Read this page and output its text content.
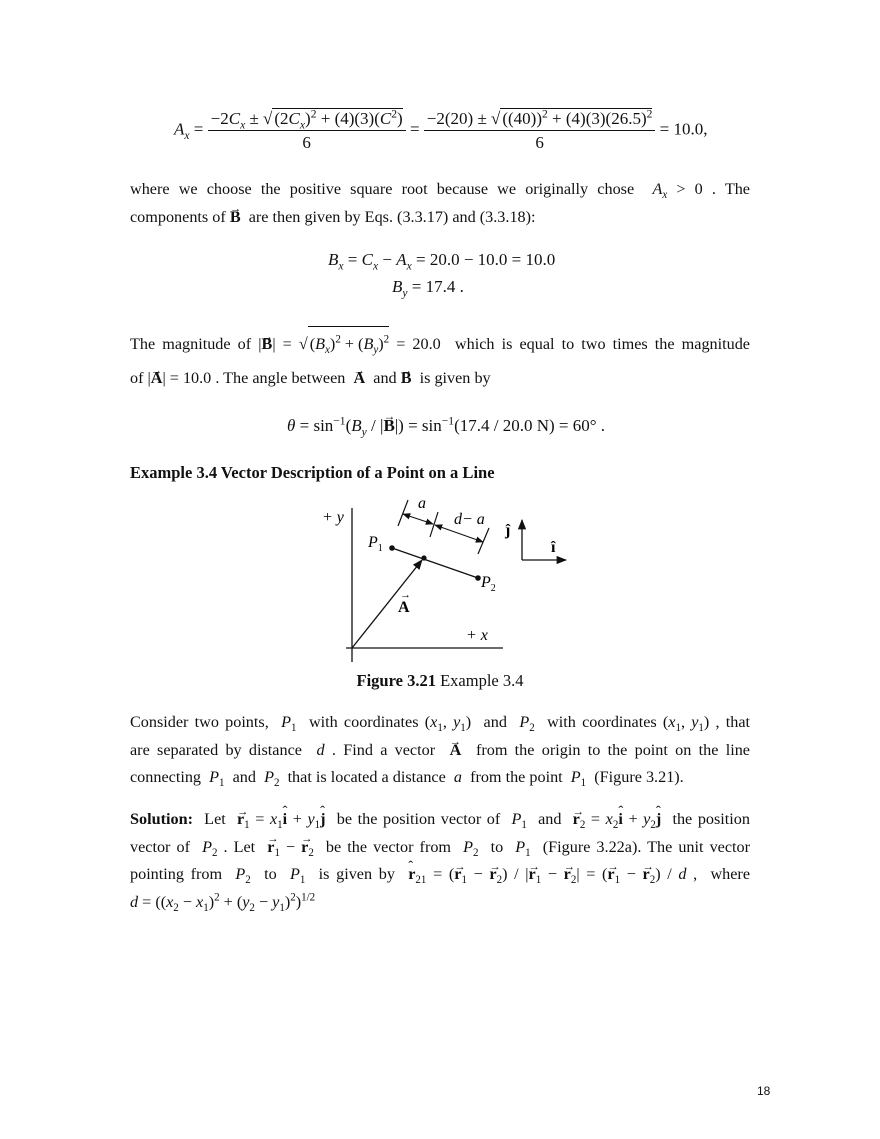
$A_x = \frac{-2C_x \pm √ (2C_x)^2 + (4)(3)(C^2)}{6} = \frac{-2(20) \pm √ ((40))^2 + (4)(3)(26.5)^2}{6} = 10.0$,
where we choose the positive square root because we originally chose  $A_x > 0$ . The
components of → B  are then given by Eqs. (3.3.17) and (3.3.18):
$B_x = C_x - A_x = 20.0 - 10.0 = 10.0$
$B_y = 17.4$ .
The magnitude of |→ B| = √ $(B_x)^2 + (B_y)^2 = 20.0$  which is equal to two times the magnitude
of |→ A| = 10.0 . The angle between  → A  and → B  is given by
$\theta = \sin^{-1}(B_y$ / |→ $B|) = \sin^{-1}(17.4 / 20.0$ N) = 60° .
Example 3.4 Vector Description of a Point on a Line
+ y
+ x
A
→
$P_1$
$P_2$
a
d− a
ĵ
î
Figure 3.21 Example 3.4
Consider two points,  $P_1$  with coordinates ($x_1$, $y_1$)  and  $P_2$  with coordinates ($x_1$, $y_1$) , that
are separated by distance  d . Find a vector  → A  from the origin to the point on the line
connecting  $P_1$  and  $P_2$  that is located a distance  a  from the point  $P_1$  (Figure 3.21).
Solution:  Let  → $r_1$ = $x_1ˆ$ $i + y_1ˆ$ j  be the position vector of  $P_1$  and  → $r_2$ = $x_2ˆ$ $i + y_2ˆ$ j  the position
vector of  $P_2$ . Let  → $r_1$ − → $r_2$  be the vector from  $P_2$  to  $P_1$  (Figure 3.22a). The unit vector
pointing from  $P_2$  to  $P_1$  is given by  ˆ $r_{21}$ = (→ $r_1$ − → $r_2$) / |→ $r_1$ − → $r_2|$ = (→ $r_1$ − → $r_2$) / d ,  where
$d = ((x_2 - x_1)^2 + (y_2 - y_1)^2)^{1/2}$
18
